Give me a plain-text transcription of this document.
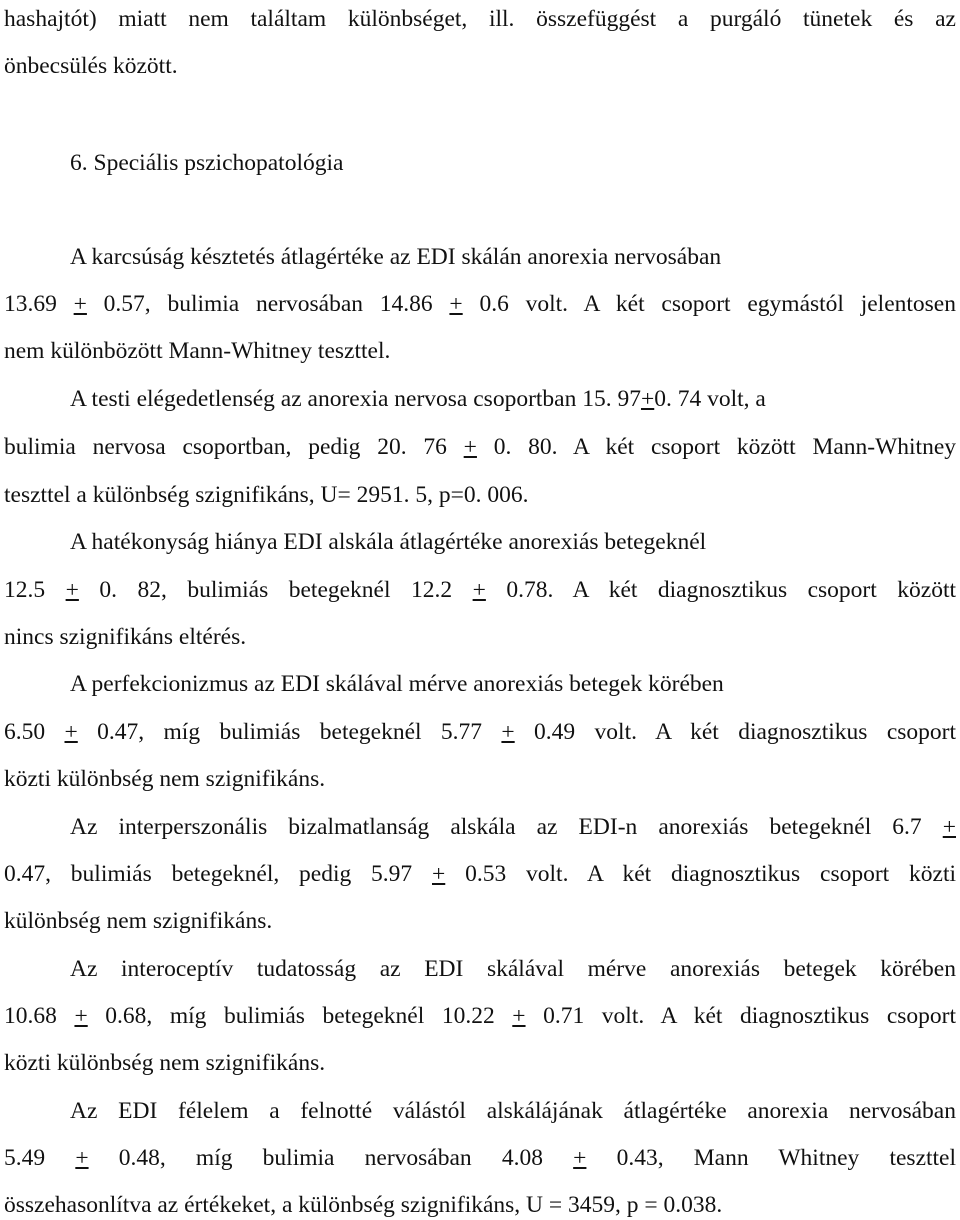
hashajtót) miatt nem találtam különbséget, ill. összefüggést a purgáló tünetek és az

önbecsülés között.

6. Speciális pszichopatológia

A karcsúság késztetés átlagértéke az EDI skálán anorexia nervosában

13.69 + 0.57, bulimia nervosában 14.86 + 0.6 volt. A két csoport egymástól jelentosen

nem különbözött Mann-Whitney teszttel.

A testi elégedetlenség az anorexia nervosa csoportban 15. 97+0. 74 volt, a

bulimia nervosa csoportban, pedig 20. 76 + 0. 80. A két csoport között Mann-Whitney

teszttel a különbség szignifikáns, U= 2951. 5, p=0. 006.

A hatékonyság hiánya EDI alskála átlagértéke anorexiás betegeknél

12.5 + 0. 82, bulimiás betegeknél 12.2 + 0.78. A két diagnosztikus csoport között

nincs szignifikáns eltérés.

A perfekcionizmus az EDI skálával mérve anorexiás betegek körében

6.50 + 0.47, míg bulimiás betegeknél 5.77 + 0.49 volt. A két diagnosztikus csoport

közti különbség nem szignifikáns.

Az interperszonális bizalmatlanság alskála az EDI-n anorexiás betegeknél 6.7 +

0.47, bulimiás betegeknél, pedig 5.97 + 0.53 volt. A két diagnosztikus csoport közti

különbség nem szignifikáns.

Az interoceptív tudatosság az EDI skálával mérve anorexiás betegek körében

10.68 + 0.68, míg bulimiás betegeknél 10.22 + 0.71 volt. A két diagnosztikus csoport

közti különbség nem szignifikáns.

Az EDI félelem a felnotté válástól alskálájának átlagértéke anorexia nervosában

5.49 + 0.48, míg bulimia nervosában 4.08 + 0.43, Mann Whitney teszttel

összehasonlítva az értékeket, a különbség szignifikáns, U = 3459, p = 0.038.
